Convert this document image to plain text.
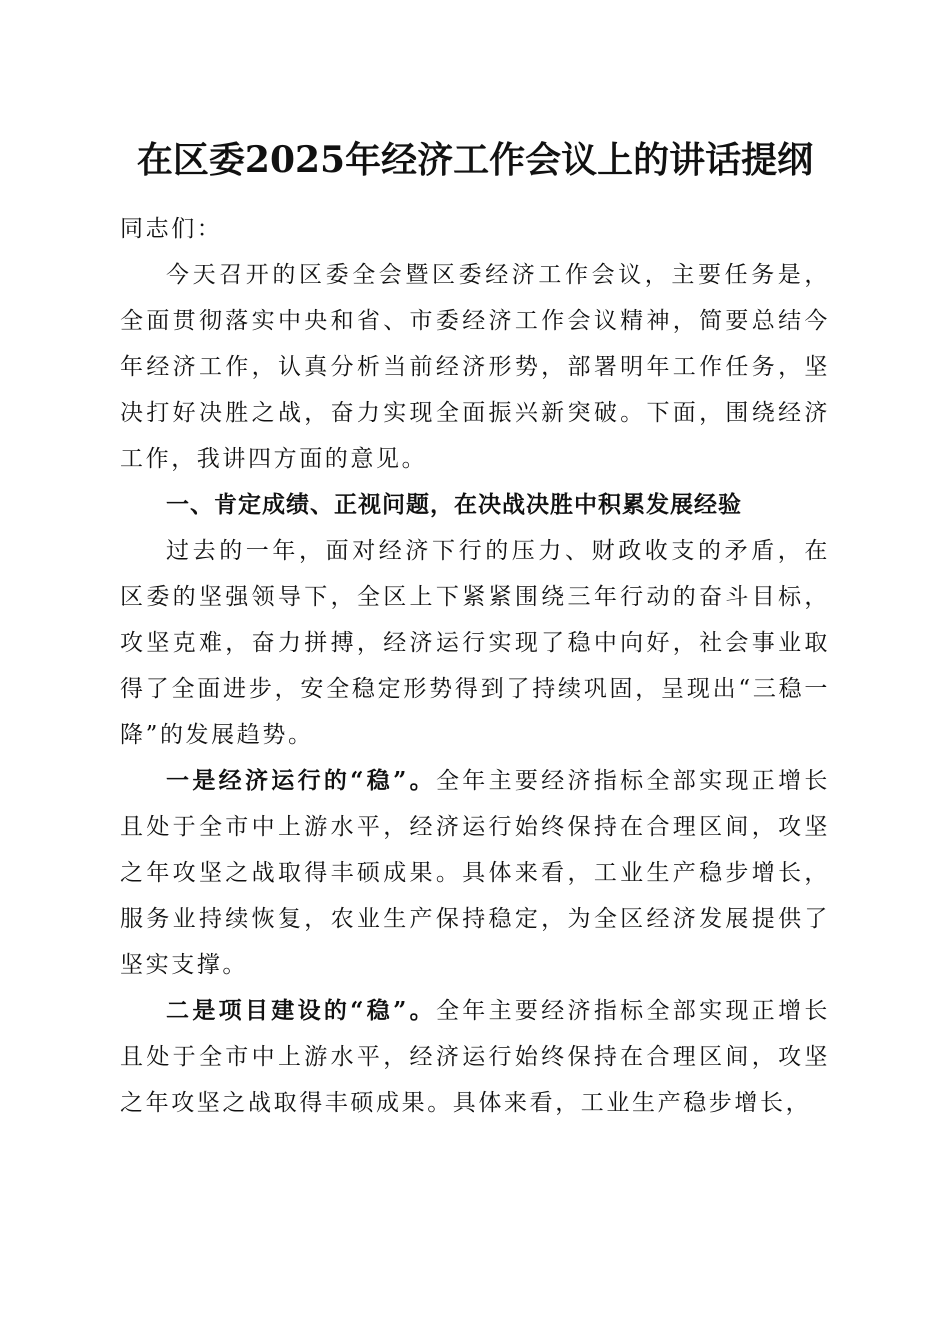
在区委2025年经济工作会议上的讲话提纲

同志们：

今天召开的区委全会暨区委经济工作会议，主要任务是，全面贯彻落实中央和省、市委经济工作会议精神，简要总结今年经济工作，认真分析当前经济形势，部署明年工作任务，坚决打好决胜之战，奋力实现全面振兴新突破。下面，围绕经济工作，我讲四方面的意见。

一、肯定成绩、正视问题，在决战决胜中积累发展经验

过去的一年，面对经济下行的压力、财政收支的矛盾，在区委的坚强领导下，全区上下紧紧围绕三年行动的奋斗目标，攻坚克难，奋力拼搏，经济运行实现了稳中向好，社会事业取得了全面进步，安全稳定形势得到了持续巩固，呈现出“三稳一降”的发展趋势。

一是经济运行的“稳”。全年主要经济指标全部实现正增长且处于全市中上游水平，经济运行始终保持在合理区间，攻坚之年攻坚之战取得丰硕成果。具体来看，工业生产稳步增长，服务业持续恢复，农业生产保持稳定，为全区经济发展提供了坚实支撑。

二是项目建设的“稳”。全年主要经济指标全部实现正增长且处于全市中上游水平，经济运行始终保持在合理区间，攻坚之年攻坚之战取得丰硕成果。具体来看，工业生产稳步增长，
